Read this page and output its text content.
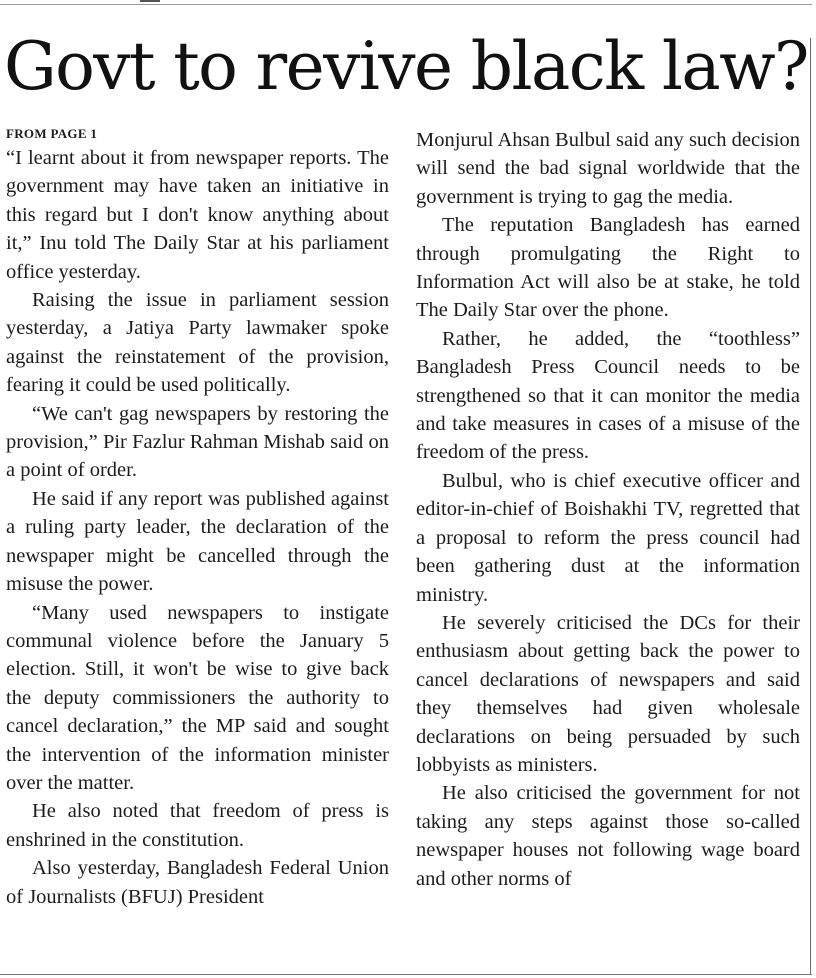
Govt to revive black law?
FROM PAGE 1

“I learnt about it from newspaper reports. The government may have taken an initiative in this regard but I don't know anything about it,” Inu told The Daily Star at his parliament office yesterday.

Raising the issue in parliament session yesterday, a Jatiya Party lawmaker spoke against the reinstatement of the provision, fearing it could be used politically.

“We can't gag newspapers by restoring the provision,” Pir Fazlur Rahman Mishab said on a point of order.

He said if any report was published against a ruling party leader, the declaration of the newspaper might be cancelled through the misuse the power.

“Many used newspapers to instigate communal violence before the January 5 election. Still, it won't be wise to give back the deputy commissioners the authority to cancel declaration,” the MP said and sought the intervention of the information minister over the matter.

He also noted that freedom of press is enshrined in the constitution.

Also yesterday, Bangladesh Federal Union of Journalists (BFUJ) President

Monjurul Ahsan Bulbul said any such decision will send the bad signal worldwide that the government is trying to gag the media.

The reputation Bangladesh has earned through promulgating the Right to Information Act will also be at stake, he told The Daily Star over the phone.

Rather, he added, the “toothless” Bangladesh Press Council needs to be strengthened so that it can monitor the media and take measures in cases of a misuse of the freedom of the press.

Bulbul, who is chief executive officer and editor-in-chief of Boishakhi TV, regretted that a proposal to reform the press council had been gathering dust at the information ministry.

He severely criticised the DCs for their enthusiasm about getting back the power to cancel declarations of newspapers and said they themselves had given wholesale declarations on being persuaded by such lobbyists as ministers.

He also criticised the government for not taking any steps against those so-called newspaper houses not following wage board and other norms of
